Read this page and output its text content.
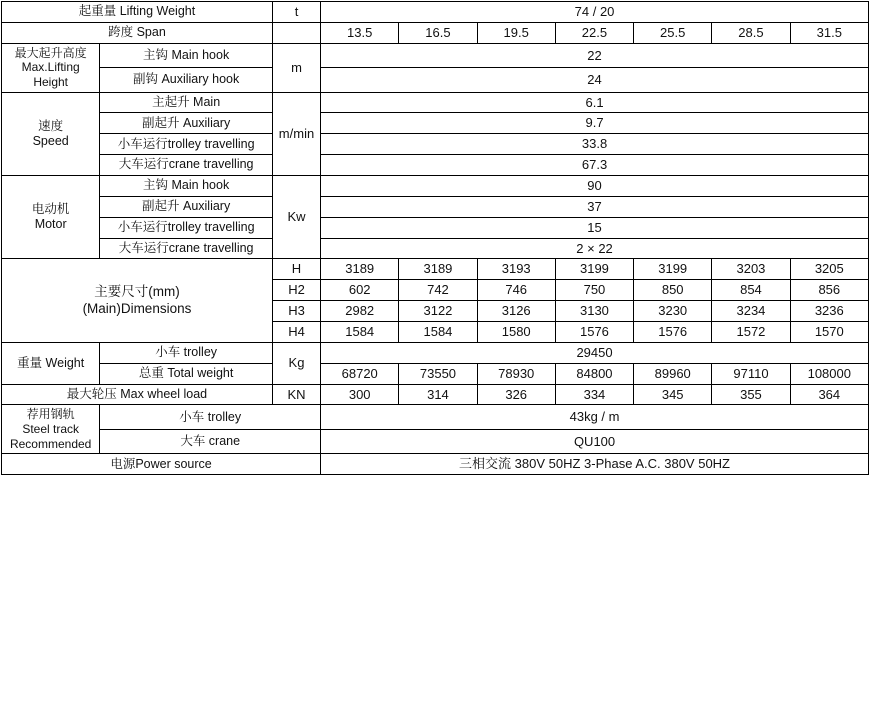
起重量 Lifting Weight		t	74 / 20						
跨度 Span			13.5	16.5	19.5	22.5	25.5	28.5	31.5

最大起升高度
Max.Lifting
Height	主钩 Main hook	m	22						
	副钩 Auxiliary hook		24						

速度
Speed	主起升 Main	m/min	6.1						
	副起升 Auxiliary		9.7						
	小车运行trolley travelling		33.8						
	大车运行crane travelling		67.3						

电动机
Motor	主钩 Main hook	Kw	90						
	副起升 Auxiliary		37						
	小车运行trolley travelling		15						
	大车运行crane travelling		2 × 22						

主要尺寸(mm)
(Main)Dimensions		H	3189	3189	3193	3199	3199	3203	3205
		H2	602	742	746	750	850	854	856
		H3	2982	3122	3126	3130	3230	3234	3236
		H4	1584	1584	1580	1576	1576	1572	1570
重量 Weight	小车 trolley	Kg	29450						
	总重 Total weight		68720	73550	78930	84800	89960	97110	108000
最大轮压 Max wheel load		KN	300	314	326	334	345	355	364

荐用钢轨
Steel track
Recommended	小车 trolley		43kg / m						
	大车 crane		QU100						
电源Power source			三相交流 380V 50HZ 3-Phase A.C. 380V 50HZ						
